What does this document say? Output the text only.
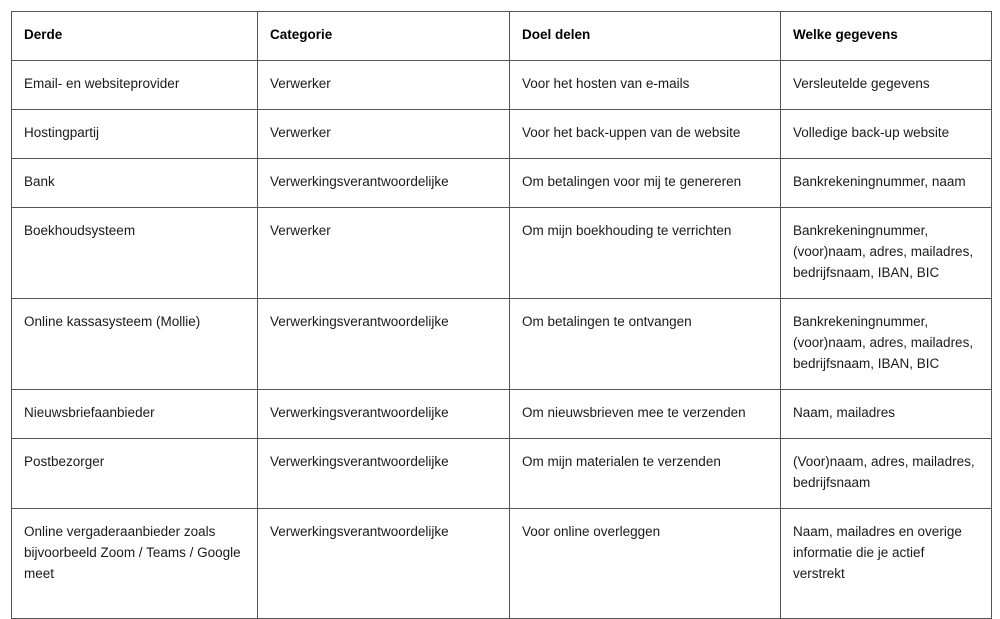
Derde	Categorie	Doel delen	Welke gegevens
Email- en websiteprovider	Verwerker	Voor het hosten van e-mails	Versleutelde gegevens
Hostingpartij	Verwerker	Voor het back-uppen van de website	Volledige back-up website
Bank	Verwerkingsverantwoordelijke	Om betalingen voor mij te genereren	Bankrekeningnummer, naam
Boekhoudsysteem	Verwerker	Om mijn boekhouding te verrichten	Bankrekeningnummer, (voor)naam, adres, mailadres, bedrijfsnaam, IBAN, BIC
Online kassasysteem (Mollie)	Verwerkingsverantwoordelijke	Om betalingen te ontvangen	Bankrekeningnummer, (voor)naam, adres, mailadres, bedrijfsnaam, IBAN, BIC
Nieuwsbriefaanbieder	Verwerkingsverantwoordelijke	Om nieuwsbrieven mee te verzenden	Naam, mailadres
Postbezorger	Verwerkingsverantwoordelijke	Om mijn materialen te verzenden	(Voor)naam, adres, mailadres, bedrijfsnaam
Online vergaderaanbieder zoals bijvoorbeeld Zoom / Teams / Google meet	Verwerkingsverantwoordelijke	Voor online overleggen	Naam, mailadres en overige informatie die je actief verstrekt
